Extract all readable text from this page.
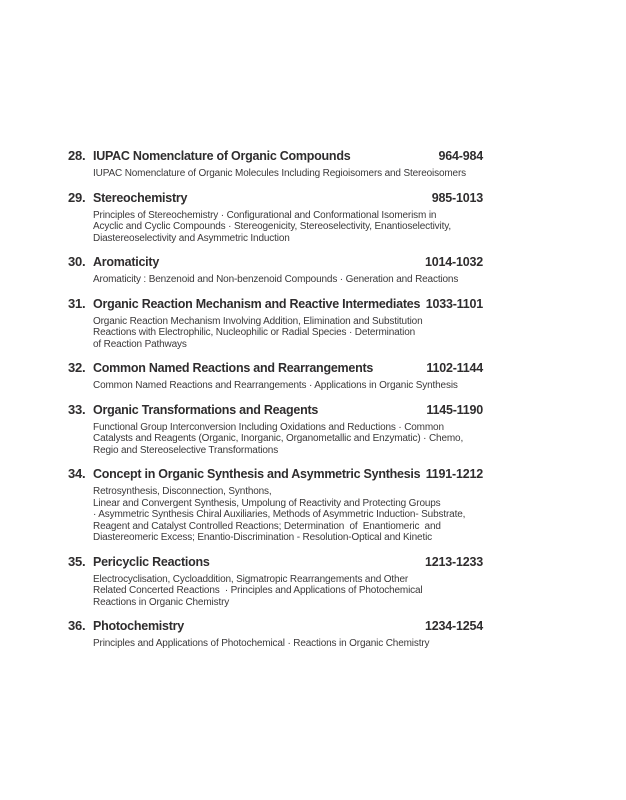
28. IUPAC Nomenclature of Organic Compounds	964-984
IUPAC Nomenclature of Organic Molecules Including Regioisomers and Stereoisomers
29. Stereochemistry	985-1013
Principles of Stereochemistry · Configurational and Conformational Isomerism in
Acyclic and Cyclic Compounds · Stereogenicity, Stereoselectivity, Enantioselectivity,
Diastereoselectivity and Asymmetric Induction
30. Aromaticity	1014-1032
Aromaticity : Benzenoid and Non-benzenoid Compounds · Generation and Reactions
31. Organic Reaction Mechanism and Reactive Intermediates 1033-1101
Organic Reaction Mechanism Involving Addition, Elimination and Substitution
Reactions with Electrophilic, Nucleophilic or Radial Species · Determination
of Reaction Pathways
32. Common Named Reactions and Rearrangements	1102-1144
Common Named Reactions and Rearrangements · Applications in Organic Synthesis
33. Organic Transformations and Reagents	1145-1190
Functional Group Interconversion Including Oxidations and Reductions · Common
Catalysts and Reagents (Organic, Inorganic, Organometallic and Enzymatic) · Chemo,
Regio and Stereoselective Transformations
34. Concept in Organic Synthesis and Asymmetric Synthesis 1191-1212
Retrosynthesis, Disconnection, Synthons,
Linear and Convergent Synthesis, Umpolung of Reactivity and Protecting Groups
· Asymmetric Synthesis Chiral Auxiliaries, Methods of Asymmetric Induction- Substrate,
Reagent and Catalyst Controlled Reactions; Determination  of  Enantiomeric  and
Diastereomeric Excess; Enantio-Discrimination - Resolution-Optical and Kinetic
35. Pericyclic Reactions	1213-1233
Electrocyclisation, Cycloaddition, Sigmatropic Rearrangements and Other
Related Concerted Reactions  · Principles and Applications of Photochemical
Reactions in Organic Chemistry
36. Photochemistry	1234-1254
Principles and Applications of Photochemical · Reactions in Organic Chemistry
